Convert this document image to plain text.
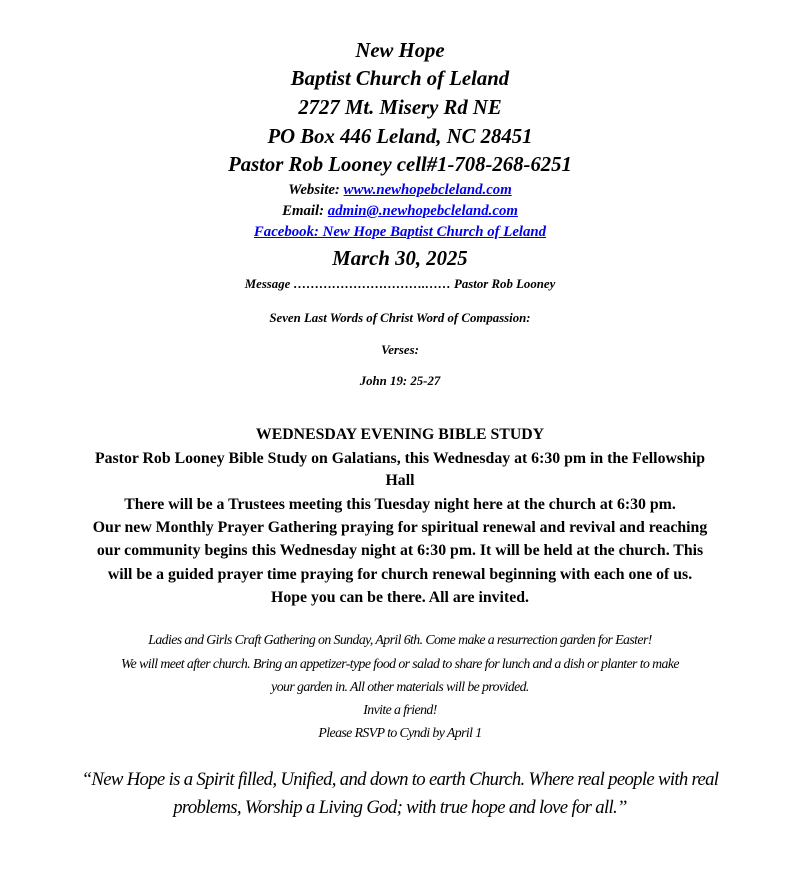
New Hope
Baptist Church of Leland
2727 Mt. Misery Rd NE
PO Box 446 Leland, NC 28451
Pastor Rob Looney cell#1-708-268-6251
Website: www.newhopebcleland.com
Email: admin@.newhopebcleland.com
Facebook: New Hope Baptist Church of Leland
March 30, 2025
Message ………………………….…… Pastor Rob Looney
Seven Last Words of Christ Word of Compassion:
Verses:
John 19: 25-27
WEDNESDAY EVENING BIBLE STUDY
Pastor Rob Looney Bible Study on Galatians, this Wednesday at 6:30 pm in the Fellowship
Hall
There will be a Trustees meeting this Tuesday night here at the church at 6:30 pm.
Our new Monthly Prayer Gathering praying for spiritual renewal and revival and reaching
our community begins this Wednesday night at 6:30 pm. It will be held at the church. This
will be a guided prayer time praying for church renewal beginning with each one of us.
Hope you can be there. All are invited.
Ladies and Girls Craft Gathering on Sunday, April 6th. Come make a resurrection garden for Easter!
We will meet after church. Bring an appetizer-type food or salad to share for lunch and a dish or planter to make
your garden in. All other materials will be provided.
Invite a friend!
Please RSVP to Cyndi by April 1
“New Hope is a Spirit filled, Unified, and down to earth Church. Where real people with real
problems, Worship a Living God; with true hope and love for all.”
